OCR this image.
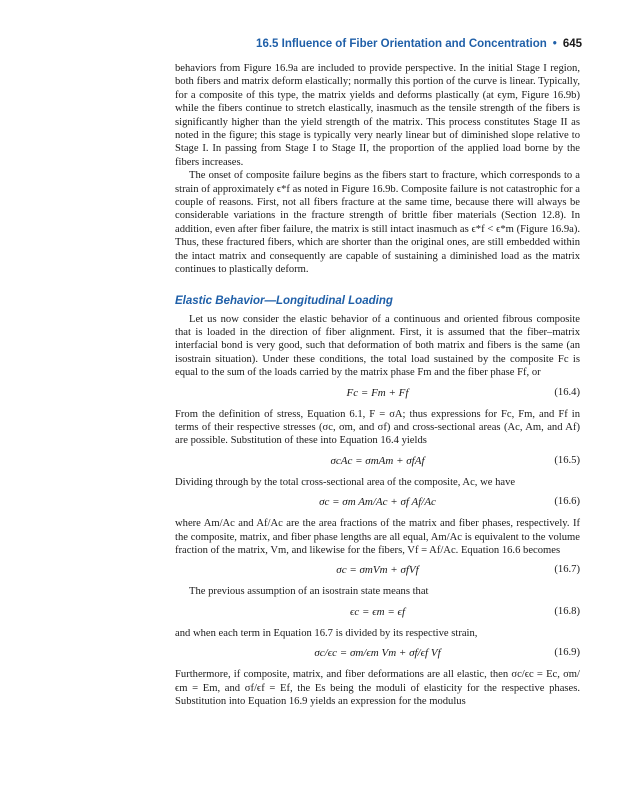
16.5 Influence of Fiber Orientation and Concentration • 645

behaviors from Figure 16.9a are included to provide perspective. In the initial Stage I region, both fibers and matrix deform elastically; normally this portion of the curve is linear. Typically, for a composite of this type, the matrix yields and deforms plastically (at ϵym, Figure 16.9b) while the fibers continue to stretch elastically, inasmuch as the tensile strength of the fibers is significantly higher than the yield strength of the matrix. This process constitutes Stage II as noted in the figure; this stage is typically very nearly linear but of diminished slope relative to Stage I. In passing from Stage I to Stage II, the proportion of the applied load borne by the fibers increases.

The onset of composite failure begins as the fibers start to fracture, which corresponds to a strain of approximately ϵ*f as noted in Figure 16.9b. Composite failure is not catastrophic for a couple of reasons. First, not all fibers fracture at the same time, because there will always be considerable variations in the fracture strength of brittle fiber materials (Section 12.8). In addition, even after fiber failure, the matrix is still intact inasmuch as ϵ*f < ϵ*m (Figure 16.9a). Thus, these fractured fibers, which are shorter than the original ones, are still embedded within the intact matrix and consequently are capable of sustaining a diminished load as the matrix continues to plastically deform.

Elastic Behavior—Longitudinal Loading

Let us now consider the elastic behavior of a continuous and oriented fibrous composite that is loaded in the direction of fiber alignment. First, it is assumed that the fiber–matrix interfacial bond is very good, such that deformation of both matrix and fibers is the same (an isostrain situation). Under these conditions, the total load sustained by the composite Fc is equal to the sum of the loads carried by the matrix phase Fm and the fiber phase Ff, or

Fc = Fm + Ff	(16.4)

From the definition of stress, Equation 6.1, F = σA; thus expressions for Fc, Fm, and Ff in terms of their respective stresses (σc, σm, and σf) and cross-sectional areas (Ac, Am, and Af) are possible. Substitution of these into Equation 16.4 yields

σcAc = σmAm + σfAf	(16.5)

Dividing through by the total cross-sectional area of the composite, Ac, we have

σc = σm Am/Ac + σf Af/Ac	(16.6)

where Am/Ac and Af/Ac are the area fractions of the matrix and fiber phases, respectively. If the composite, matrix, and fiber phase lengths are all equal, Am/Ac is equivalent to the volume fraction of the matrix, Vm, and likewise for the fibers, Vf = Af/Ac. Equation 16.6 becomes

σc = σmVm + σfVf	(16.7)

The previous assumption of an isostrain state means that

ϵc = ϵm = ϵf	(16.8)

and when each term in Equation 16.7 is divided by its respective strain,

σc/ϵc = σm/ϵm Vm + σf/ϵf Vf	(16.9)

Furthermore, if composite, matrix, and fiber deformations are all elastic, then σc/ϵc = Ec, σm/ϵm = Em, and σf/ϵf = Ef, the Es being the moduli of elasticity for the respective phases. Substitution into Equation 16.9 yields an expression for the modulus
